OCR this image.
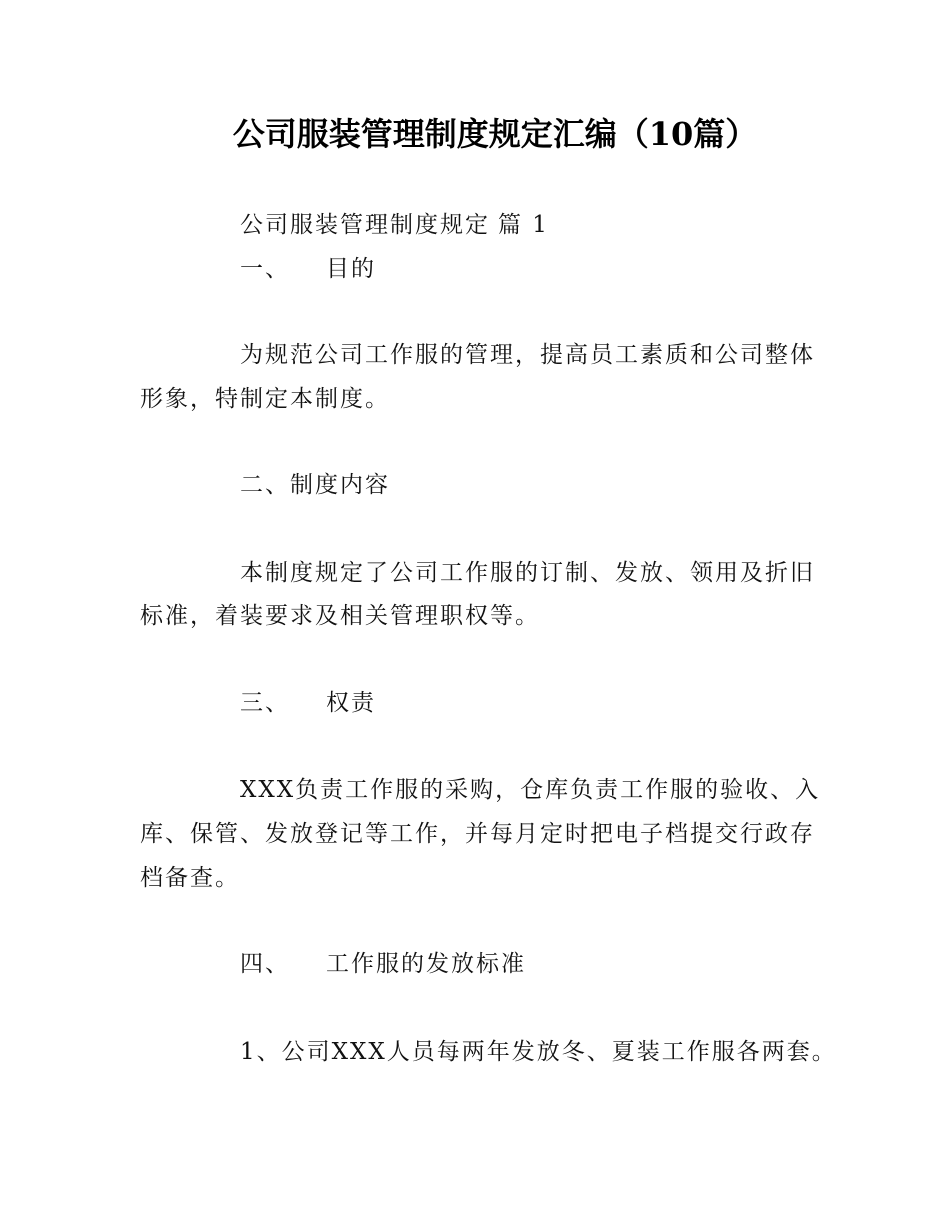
公司服装管理制度规定汇编（10篇）
公司服装管理制度规定 篇 1
一、 目的
为规范公司工作服的管理，提高员工素质和公司整体
形象，特制定本制度。
二、制度内容
本制度规定了公司工作服的订制、发放、领用及折旧
标准，着装要求及相关管理职权等。
三、 权责
XXX负责工作服的采购，仓库负责工作服的验收、入
库、保管、发放登记等工作，并每月定时把电子档提交行政存
档备查。
四、 工作服的发放标准
1、公司XXX人员每两年发放冬、夏装工作服各两套。
